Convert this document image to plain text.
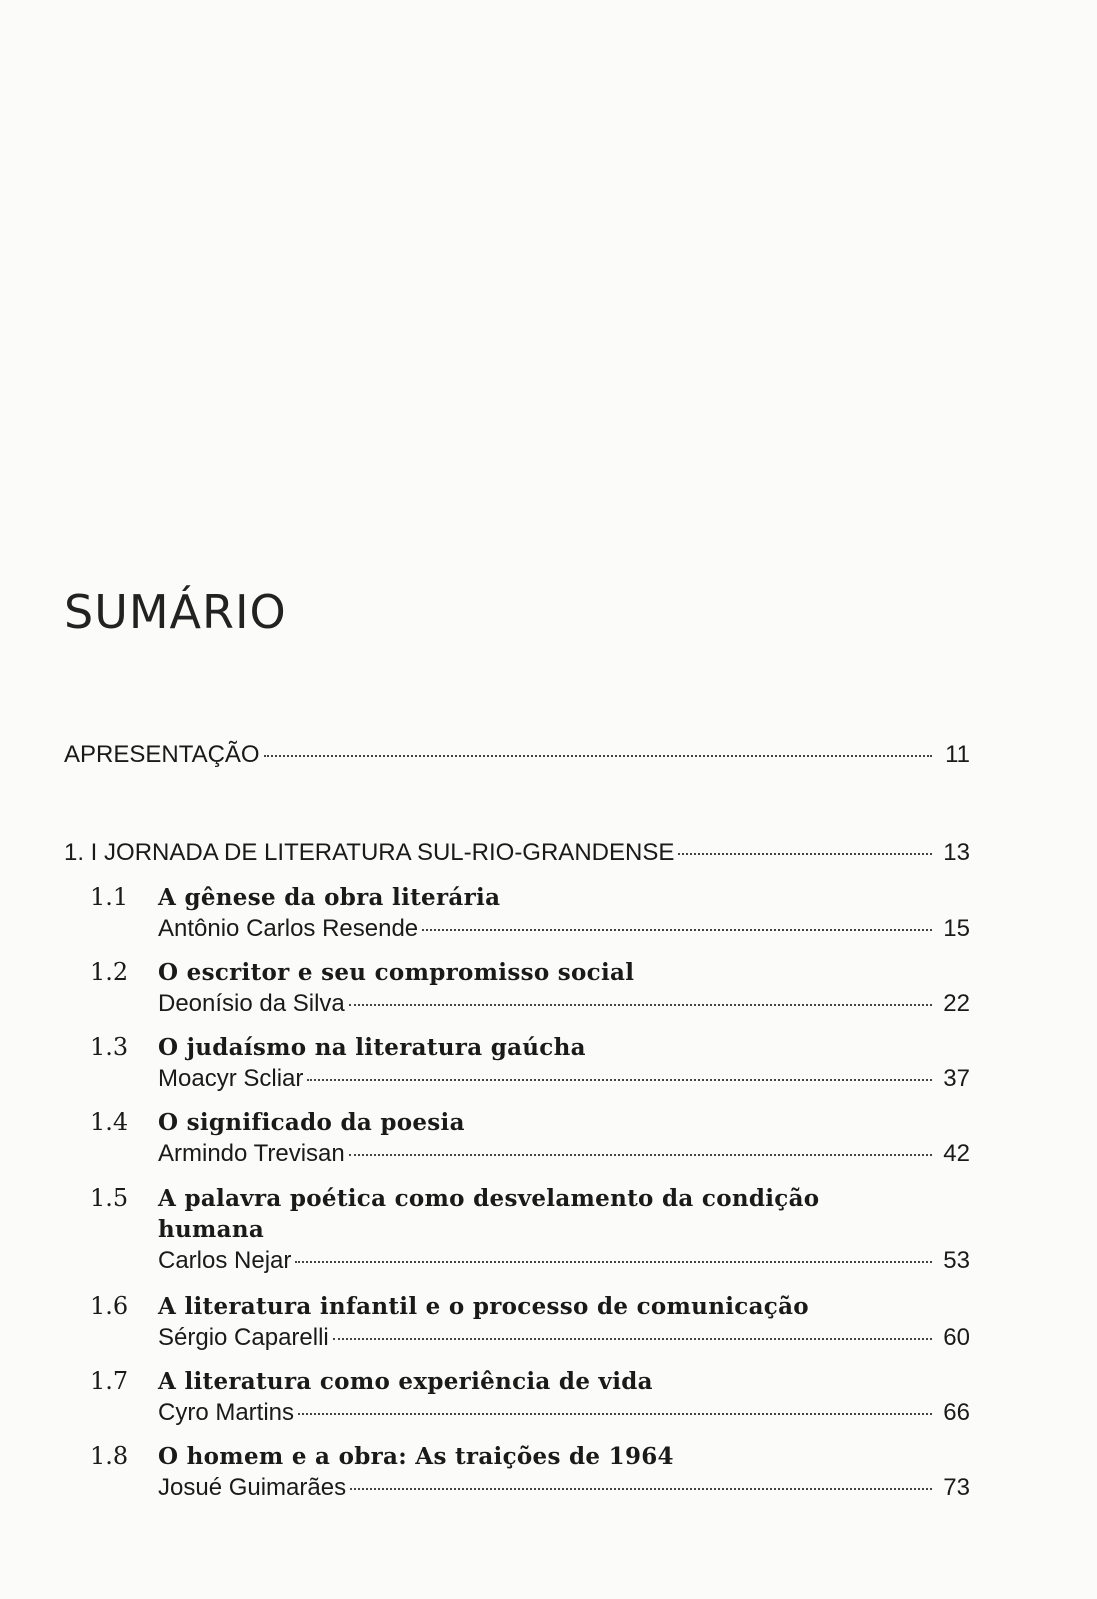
SUMÁRIO
APRESENTAÇÃO	11
1. I JORNADA DE LITERATURA SUL-RIO-GRANDENSE	13
1.1 A gênese da obra literária
Antônio Carlos Resende	15
1.2 O escritor e seu compromisso social
Deonísio da Silva	22
1.3 O judaísmo na literatura gaúcha
Moacyr Scliar	37
1.4 O significado da poesia
Armindo Trevisan	42
1.5 A palavra poética como desvelamento da condição humana
Carlos Nejar	53
1.6 A literatura infantil e o processo de comunicação
Sérgio Caparelli	60
1.7 A literatura como experiência de vida
Cyro Martins	66
1.8 O homem e a obra: As traições de 1964
Josué Guimarães	73
